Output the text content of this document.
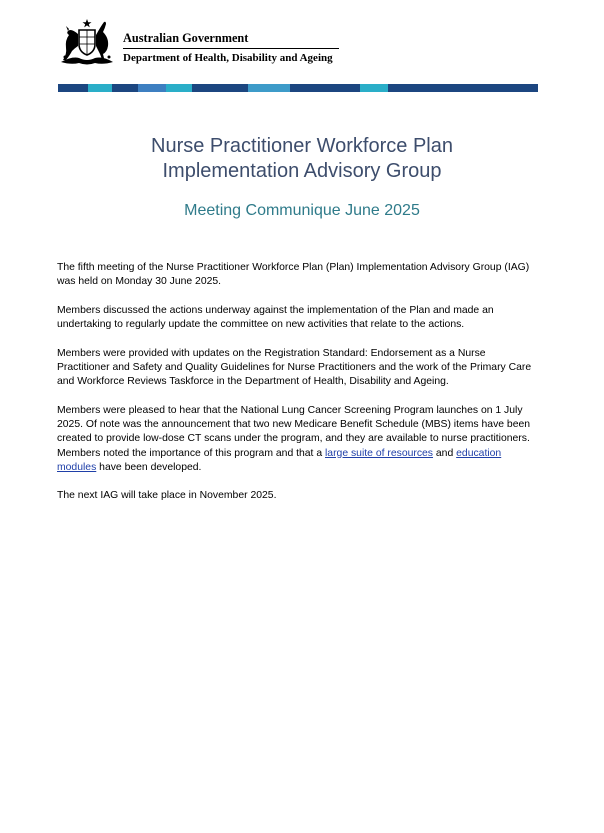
Australian Government
Department of Health, Disability and Ageing
Nurse Practitioner Workforce Plan
Implementation Advisory Group
Meeting Communique June 2025

The fifth meeting of the Nurse Practitioner Workforce Plan (Plan) Implementation Advisory Group (IAG)
was held on Monday 30 June 2025.

Members discussed the actions underway against the implementation of the Plan and made an
undertaking to regularly update the committee on new activities that relate to the actions.

Members were provided with updates on the Registration Standard: Endorsement as a Nurse
Practitioner and Safety and Quality Guidelines for Nurse Practitioners and the work of the Primary Care
and Workforce Reviews Taskforce in the Department of Health, Disability and Ageing.

Members were pleased to hear that the National Lung Cancer Screening Program launches on 1 July
2025. Of note was the announcement that two new Medicare Benefit Schedule (MBS) items have been
created to provide low-dose CT scans under the program, and they are available to nurse practitioners.
Members noted the importance of this program and that a large suite of resources and education
modules have been developed.

The next IAG will take place in November 2025.
